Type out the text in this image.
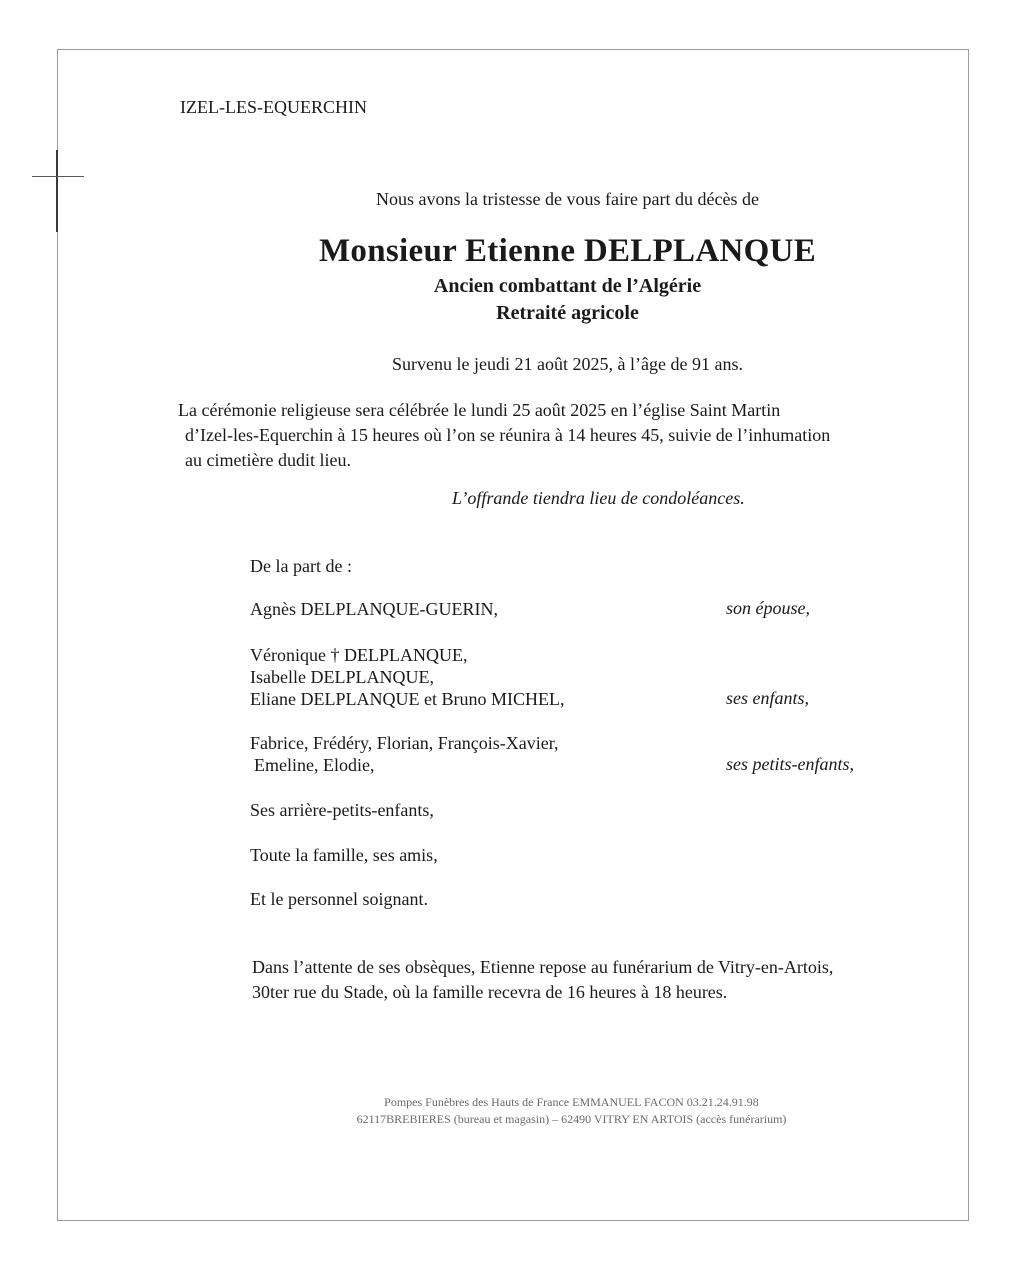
IZEL-LES-EQUERCHIN

Nous avons la tristesse de vous faire part du décès de

Monsieur Etienne DELPLANQUE

Ancien combattant de l’Algérie

Retraité agricole

Survenu le jeudi 21 août 2025, à l’âge de 91 ans.

La cérémonie religieuse sera célébrée le lundi 25 août 2025 en l’église Saint Martin
d’Izel-les-Equerchin à 15 heures où l’on se réunira à 14 heures 45, suivie de l’inhumation
au cimetière dudit lieu.

L’offrande tiendra lieu de condoléances.

De la part de :

Agnès DELPLANQUE-GUERIN,	son épouse,

Véronique † DELPLANQUE,
Isabelle DELPLANQUE,
Eliane DELPLANQUE et Bruno MICHEL,	ses enfants,

Fabrice, Frédéry, Florian, François-Xavier,
Emeline, Elodie,	ses petits-enfants,

Ses arrière-petits-enfants,

Toute la famille, ses amis,

Et le personnel soignant.

Dans l’attente de ses obsèques, Etienne repose au funérarium de Vitry-en-Artois,
30ter rue du Stade, où la famille recevra de 16 heures à 18 heures.
Pompes Funèbres des Hauts de France EMMANUEL FACON 03.21.24.91.98
62117BREBIERES (bureau et magasin) – 62490 VITRY EN ARTOIS (accès funérarium)
